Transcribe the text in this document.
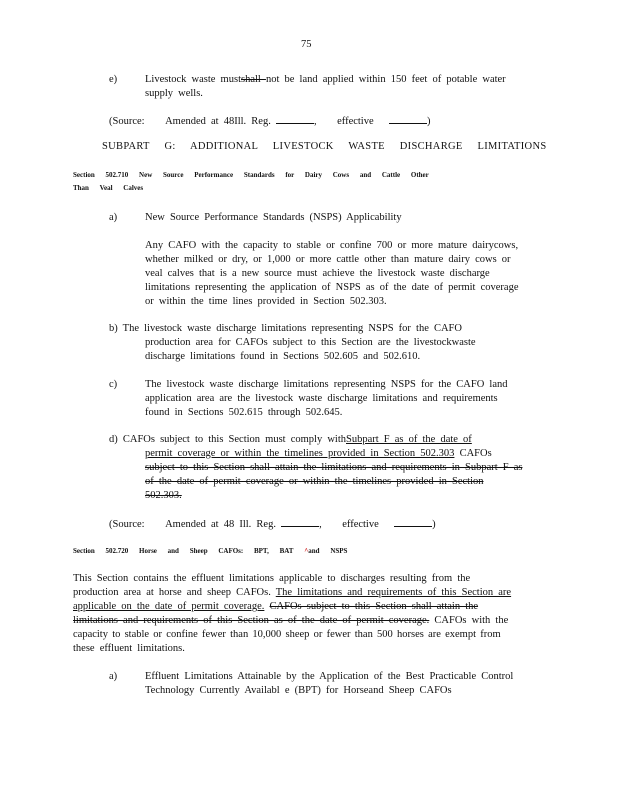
75
e)	Livestock waste mustshall not be land applied within 150 feet of potable water
supply wells.
(Source: Amended at 48Ill. Reg.	, effective	)
SUBPART G: ADDITIONAL LIVESTOCK WASTE DISCHARGE LIMITATIONS
Section 502.710 New Source Performance Standards for Dairy Cows and Cattle Other
Than Veal Calves
a)	New Source Performance Standards (NSPS) Applicability
Any CAFO with the capacity to stable or confine 700 or more mature dairycows,
whether milked or dry, or 1,000 or more cattle other than mature dairy cows or
veal calves that is a new source must achieve the livestock waste discharge
limitations representing the application of NSPS as of the date of permit coverage
or within the time lines provided in Section 502.303.
b) The livestock waste discharge limitations representing NSPS for the CAFO
production area for CAFOs subject to this Section are the livestockwaste
discharge limitations found in Sections 502.605 and 502.610.
c)	The livestock waste discharge limitations representing NSPS for the CAFO land
application area are the livestock waste discharge limitations and requirements
found in Sections 502.615 through 502.645.
d) CAFOs subject to this Section must comply withSubpart F as of the date of
permit coverage or within the timelines provided in Section 502.303 CAFOs
subject to this Section shall attain the limitations and requirements in Subpart F as
of the date of permit coverage or within the timelines provided in Section
502.303.
(Source: Amended at 48 Ill. Reg.	, effective	)
Section 502.720 Horse and Sheep CAFOs: BPT, BAT ^and NSPS
This Section contains the effluent limitations applicable to discharges resulting from the
production area at horse and sheep CAFOs. The limitations and requirements of this Section are
applicable on the date of permit coverage. CAFOs subject to this Section shall attain the
limitations and requirements of this Section as of the date of permit coverage. CAFOs with the
capacity to stable or confine fewer than 10,000 sheep or fewer than 500 horses are exempt from
these effluent limitations.
a)	Effluent Limitations Attainable by the Application of the Best Practicable Control
Technology Currently Availabl e (BPT) for Horseand Sheep CAFOs
